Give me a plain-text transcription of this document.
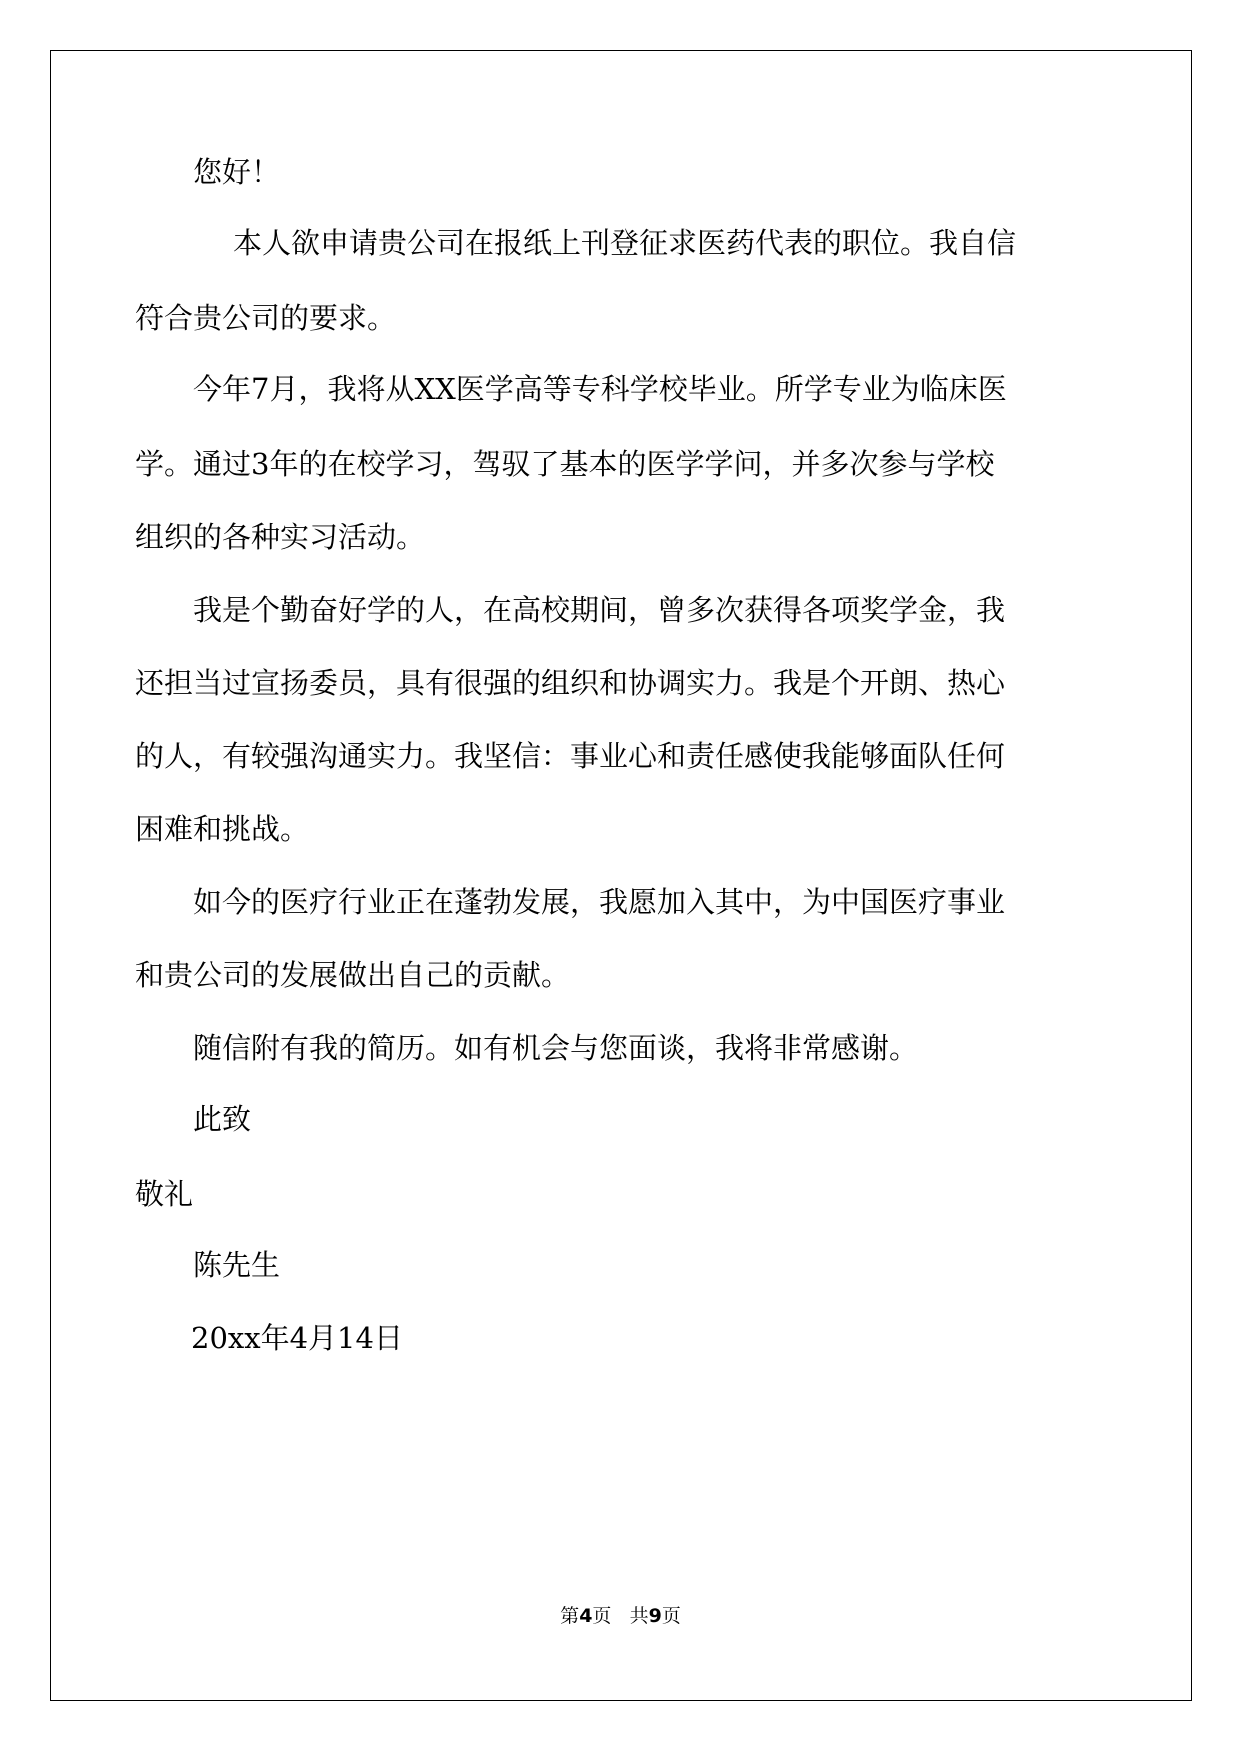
您好！
本人欲申请贵公司在报纸上刊登征求医药代表的职位。我自信
符合贵公司的要求。
今年7月，我将从XX医学高等专科学校毕业。所学专业为临床医
学。通过3年的在校学习，驾驭了基本的医学学问，并多次参与学校
组织的各种实习活动。
我是个勤奋好学的人，在高校期间，曾多次获得各项奖学金，我
还担当过宣扬委员，具有很强的组织和协调实力。我是个开朗、热心
的人，有较强沟通实力。我坚信：事业心和责任感使我能够面队任何
困难和挑战。
如今的医疗行业正在蓬勃发展，我愿加入其中，为中国医疗事业
和贵公司的发展做出自己的贡献。
随信附有我的简历。如有机会与您面谈，我将非常感谢。
此致
敬礼
陈先生
20xx年4月14日
第4页 共9页
